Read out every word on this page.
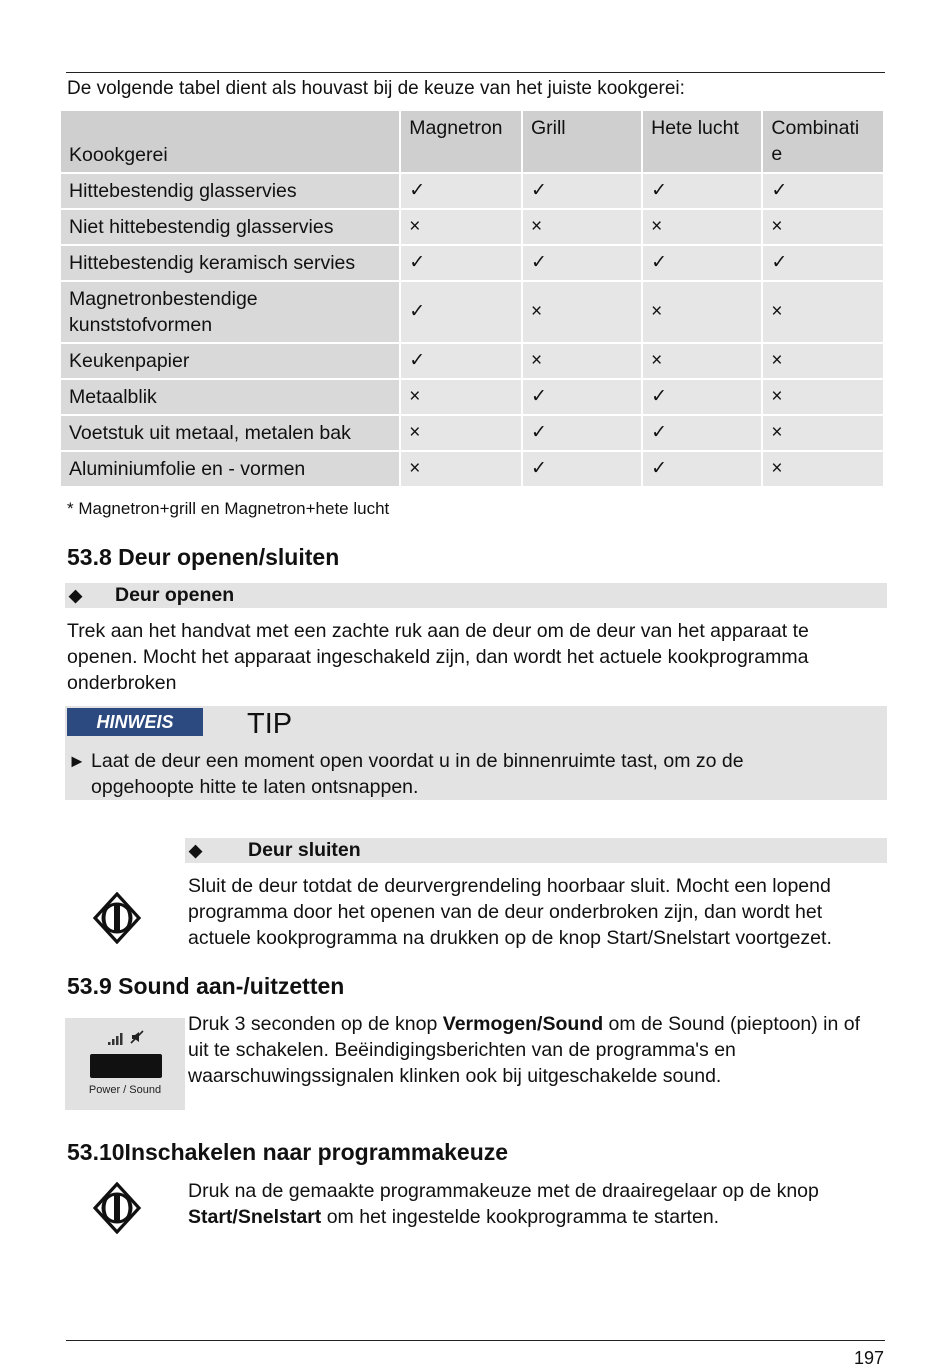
De volgende tabel dient als houvast bij de keuze van het juiste kookgerei:
Koookgerei	Magnetron	Grill	Hete lucht	Combinati e
Hittebestendig glasservies	✓	✓	✓	✓
Niet hittebestendig glasservies	×	×	×	×
Hittebestendig keramisch servies	✓	✓	✓	✓
Magnetronbestendige kunststofvormen	✓	×	×	×
Keukenpapier	✓	×	×	×
Metaalblik	×	✓	✓	×
Voetstuk uit metaal, metalen bak	×	✓	✓	×
Aluminiumfolie en - vormen	×	✓	✓	×
* Magnetron+grill en Magnetron+hete lucht
53.8 Deur openen/sluiten
◆ Deur openen
Trek aan het handvat met een zachte ruk aan de deur om de deur van het apparaat te openen. Mocht het apparaat ingeschakeld zijn, dan wordt het actuele kookprogramma onderbroken
HINWEIS	TIP
► Laat de deur een moment open voordat u in de binnenruimte tast, om zo de opgehoopte hitte te laten ontsnappen.
◆ Deur sluiten
Sluit de deur totdat de deurvergrendeling hoorbaar sluit. Mocht een lopend programma door het openen van de deur onderbroken zijn, dan wordt het actuele kookprogramma na drukken op de knop Start/Snelstart voortgezet.
53.9 Sound aan-/uitzetten
Power / Sound
Druk 3 seconden op de knop Vermogen/Sound om de Sound (pieptoon) in of uit te schakelen. Beëindigingsberichten van de programma's en waarschuwingssignalen klinken ook bij uitgeschakelde sound.
53.10Inschakelen naar programmakeuze
Druk na de gemaakte programmakeuze met de draairegelaar op de knop Start/Snelstart om het ingestelde kookprogramma te starten.
197
